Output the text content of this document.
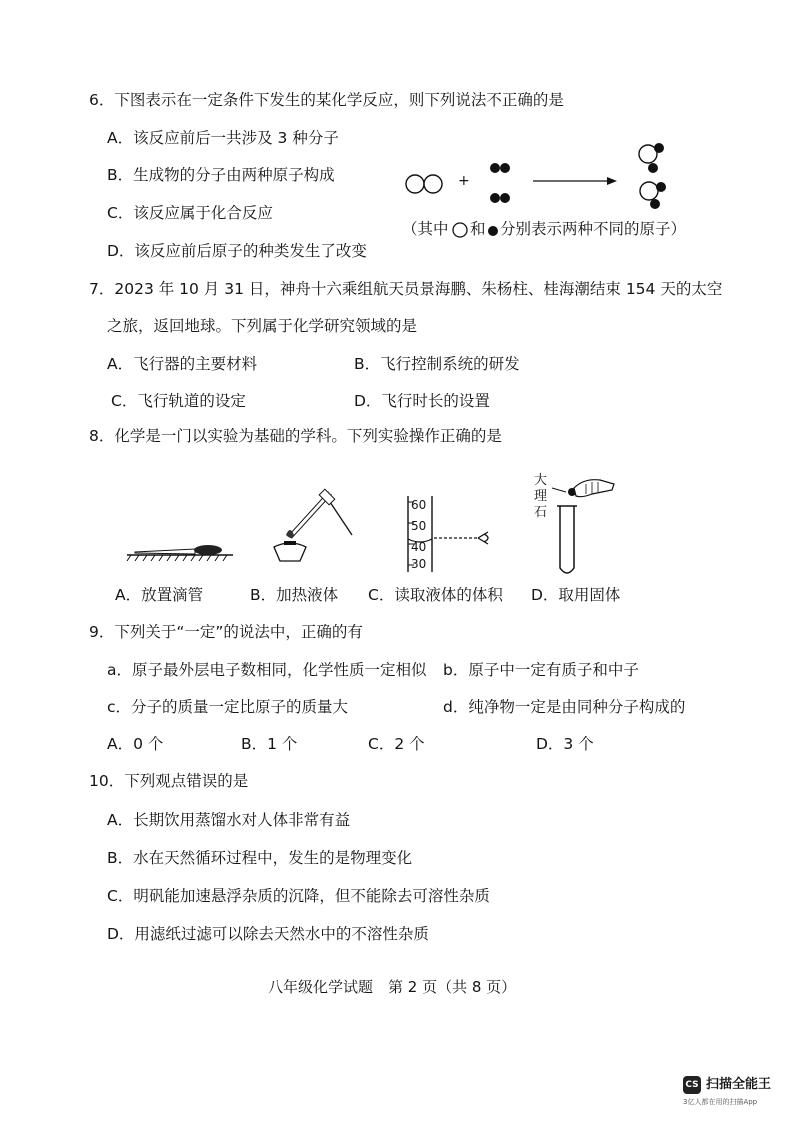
6．下图表示在一定条件下发生的某化学反应，则下列说法不正确的是
A．该反应前后一共涉及 3 种分子
B．生成物的分子由两种原子构成
C．该反应属于化合反应
D．该反应前后原子的种类发生了改变
+
（其中 和 分别表示两种不同的原子）
7．2023 年 10 月 31 日，神舟十六乘组航天员景海鹏、朱杨柱、桂海潮结束 154 天的太空
之旅，返回地球。下列属于化学研究领域的是
A．飞行器的主要材料	B．飞行控制系统的研发
C．飞行轨道的设定	D．飞行时长的设置
8．化学是一门以实验为基础的学科。下列实验操作正确的是
60
50
40
30
大
理
石
A．放置滴管	B．加热液体 C．读取液体的体积 D．取用固体
9．下列关于“一定”的说法中，正确的有
a．原子最外层电子数相同，化学性质一定相似 b．原子中一定有质子和中子
c．分子的质量一定比原子的质量大	d．纯净物一定是由同种分子构成的
A．0 个	B．1 个	C．2 个	D．3 个
10．下列观点错误的是
A．长期饮用蒸馏水对人体非常有益
B．水在天然循环过程中，发生的是物理变化
C．明矾能加速悬浮杂质的沉降，但不能除去可溶性杂质
D．用滤纸过滤可以除去天然水中的不溶性杂质
八年级化学试题　第 2 页（共 8 页）
CS 扫描全能王
3亿人都在用的扫描App
